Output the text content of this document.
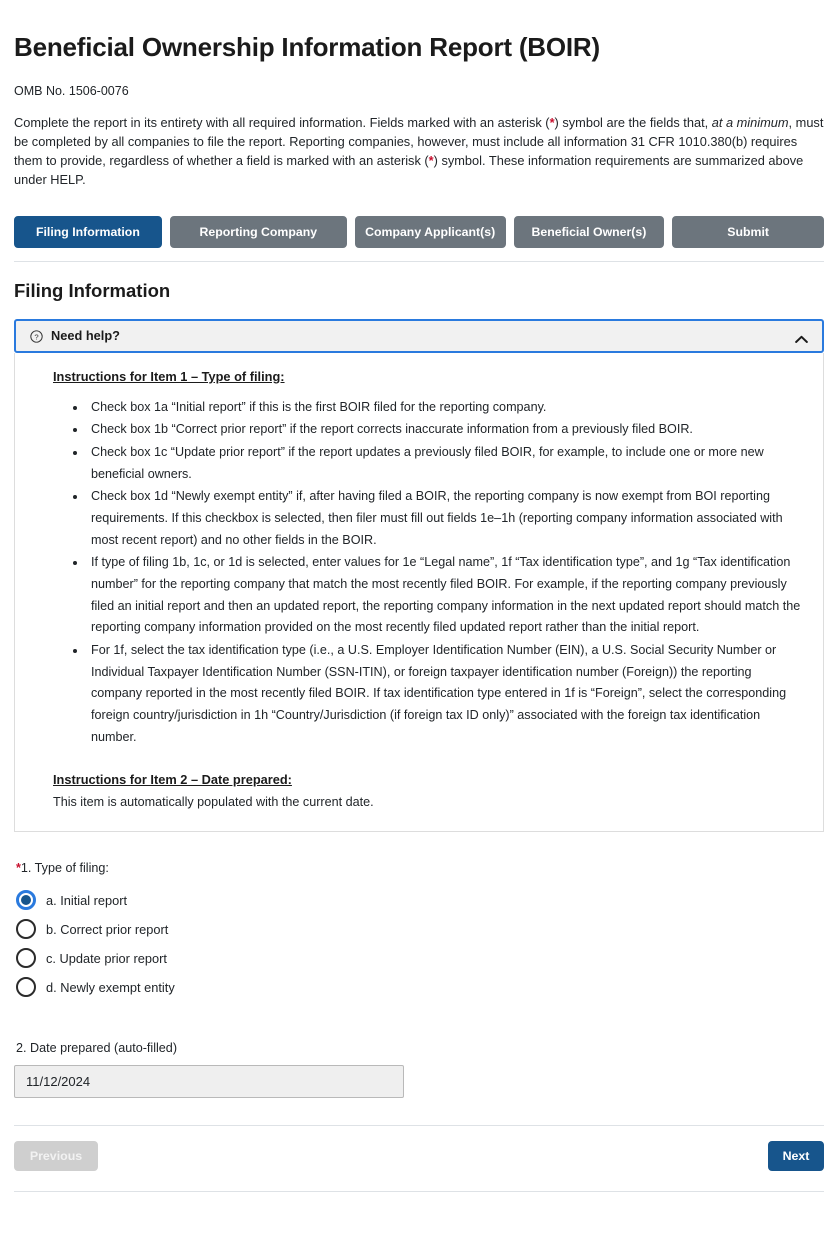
Beneficial Ownership Information Report (BOIR)
OMB No. 1506-0076

Complete the report in its entirety with all required information. Fields marked with an asterisk (*) symbol are the fields that, at a minimum, must be completed by all companies to file the report. Reporting companies, however, must include all information 31 CFR 1010.380(b) requires them to provide, regardless of whether a field is marked with an asterisk (*) symbol. These information requirements are summarized above under HELP.

Filing Information	Reporting Company	Company Applicant(s)	Beneficial Owner(s)	Submit
Filing Information
? Need help?
Instructions for Item 1 – Type of filing:
• Check box 1a “Initial report” if this is the first BOIR filed for the reporting company.
• Check box 1b “Correct prior report” if the report corrects inaccurate information from a previously filed BOIR.
• Check box 1c “Update prior report” if the report updates a previously filed BOIR, for example, to include one or more new beneficial owners.
• Check box 1d “Newly exempt entity” if, after having filed a BOIR, the reporting company is now exempt from BOI reporting requirements. If this checkbox is selected, then filer must fill out fields 1e–1h (reporting company information associated with most recent report) and no other fields in the BOIR.
• If type of filing 1b, 1c, or 1d is selected, enter values for 1e “Legal name”, 1f “Tax identification type”, and 1g “Tax identification number” for the reporting company that match the most recently filed BOIR. For example, if the reporting company previously filed an initial report and then an updated report, the reporting company information in the next updated report should match the reporting company information provided on the most recently filed updated report rather than the initial report.
• For 1f, select the tax identification type (i.e., a U.S. Employer Identification Number (EIN), a U.S. Social Security Number or Individual Taxpayer Identification Number (SSN-ITIN), or foreign taxpayer identification number (Foreign)) the reporting company reported in the most recently filed BOIR. If tax identification type entered in 1f is “Foreign”, select the corresponding foreign country/jurisdiction in 1h “Country/Jurisdiction (if foreign tax ID only)” associated with the foreign tax identification number.
Instructions for Item 2 – Date prepared:
This item is automatically populated with the current date.
*1. Type of filing:
a. Initial report
b. Correct prior report
c. Update prior report
d. Newly exempt entity
2. Date prepared (auto-filled)
11/12/2024
Previous	Next
